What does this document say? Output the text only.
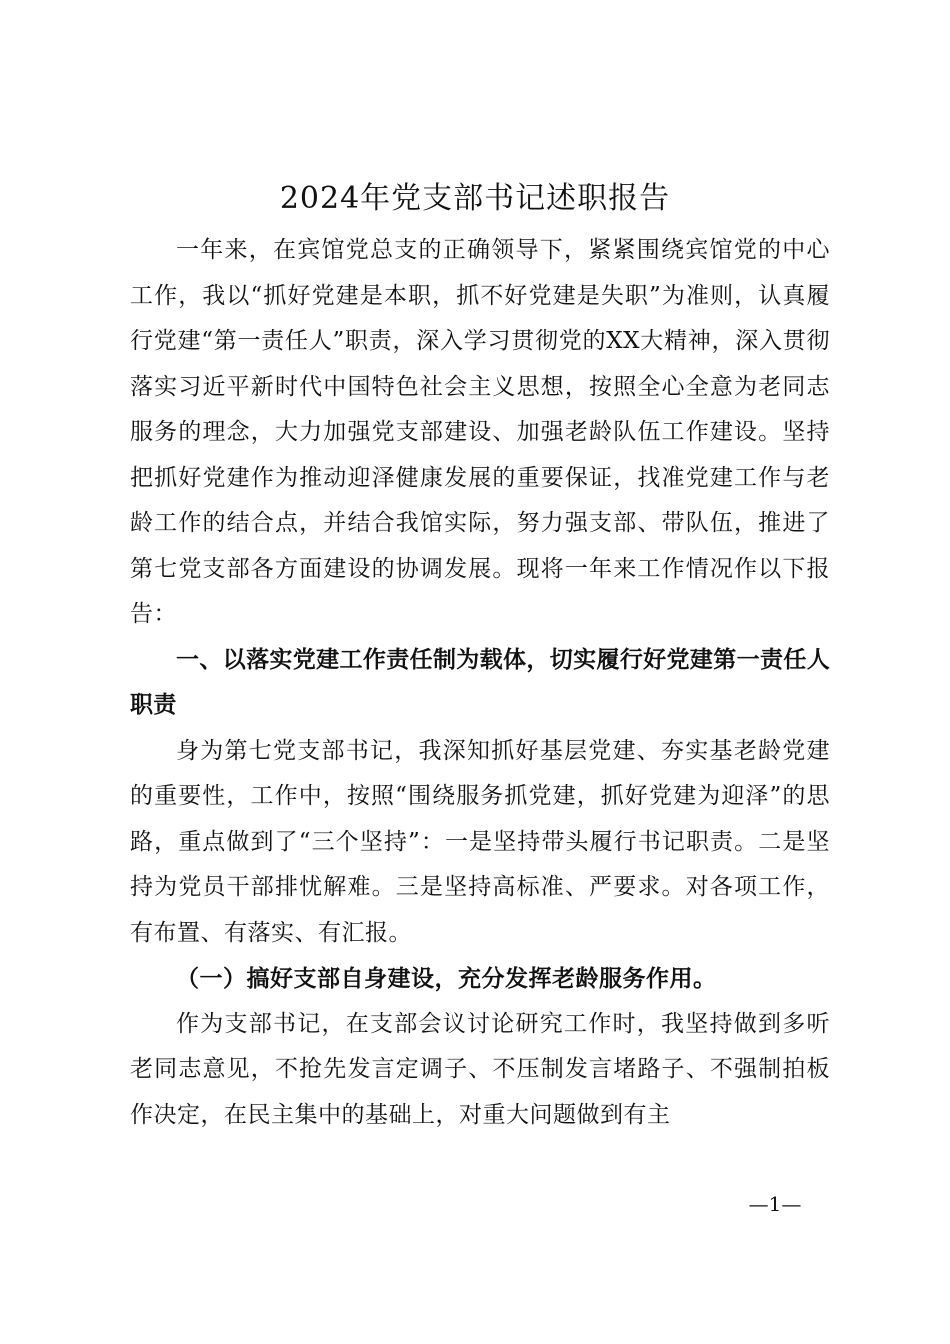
2024年党支部书记述职报告

一年来，在宾馆党总支的正确领导下，紧紧围绕宾馆党的中心工作，我以“抓好党建是本职，抓不好党建是失职”为准则，认真履行党建“第一责任人”职责，深入学习贯彻党的XX大精神，深入贯彻落实习近平新时代中国特色社会主义思想，按照全心全意为老同志服务的理念，大力加强党支部建设、加强老龄队伍工作建设。坚持把抓好党建作为推动迎泽健康发展的重要保证，找准党建工作与老龄工作的结合点，并结合我馆实际，努力强支部、带队伍，推进了第七党支部各方面建设的协调发展。现将一年来工作情况作以下报告：

一、以落实党建工作责任制为载体，切实履行好党建第一责任人职责

身为第七党支部书记，我深知抓好基层党建、夯实基老龄党建的重要性，工作中，按照“围绕服务抓党建，抓好党建为迎泽”的思路，重点做到了“三个坚持”：一是坚持带头履行书记职责。二是坚持为党员干部排忧解难。三是坚持高标准、严要求。对各项工作，有布置、有落实、有汇报。

（一）搞好支部自身建设，充分发挥老龄服务作用。

作为支部书记，在支部会议讨论研究工作时，我坚持做到多听老同志意见，不抢先发言定调子、不压制发言堵路子、不强制拍板作决定，在民主集中的基础上，对重大问题做到有主

—1—
